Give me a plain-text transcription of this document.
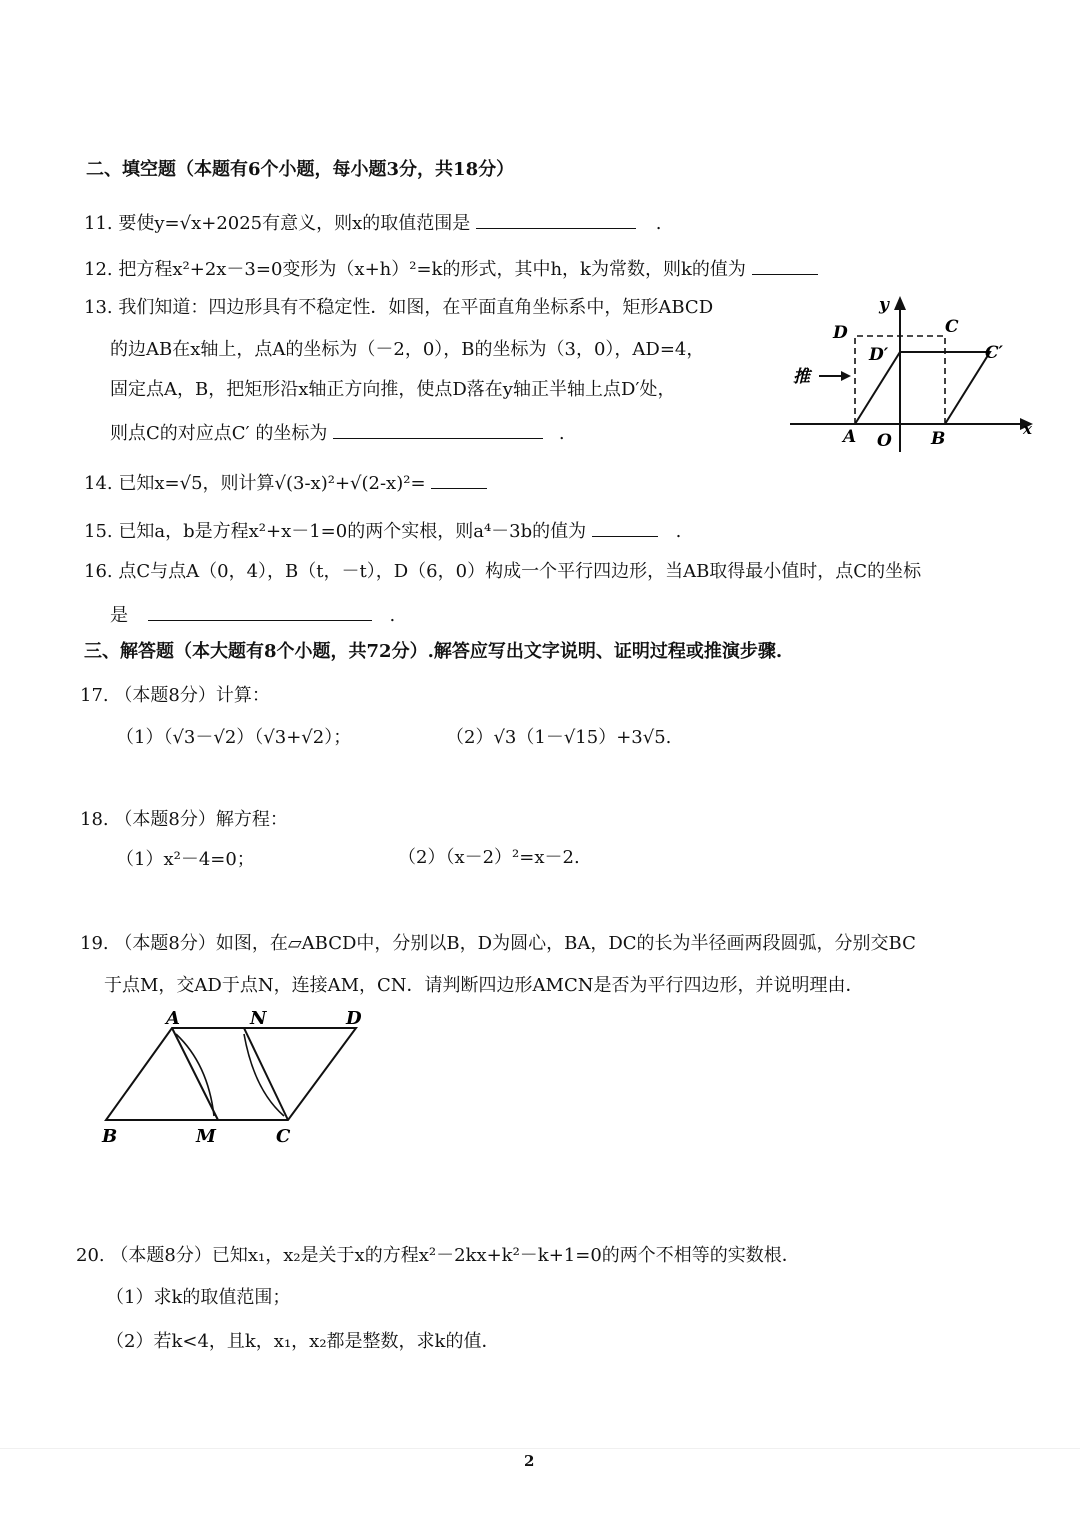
二、填空题（本题有6个小题，每小题3分，共18分）
11. 要使y=√x+2025有意义，则x的取值范围是	.
12. 把方程x²+2x－3=0变形为（x+h）²=k的形式，其中h，k为常数，则k的值为
13. 我们知道：四边形具有不稳定性．如图，在平面直角坐标系中，矩形ABCD
的边AB在x轴上，点A的坐标为（－2，0），B的坐标为（3，0），AD=4，
固定点A，B，把矩形沿x轴正方向推，使点D落在y轴正半轴上点D′处，
则点C的对应点C′ 的坐标为	.
y
D	C
D′	C′
推
A O B	x
14. 已知x=√5，则计算√(3-x)²+√(2-x)²=
15. 已知a，b是方程x²+x－1=0的两个实根，则a⁴－3b的值为	.
16. 点C与点A（0，4），B（t，－t），D（6，0）构成一个平行四边形，当AB取得最小值时，点C的坐标
是	.
三、解答题（本大题有8个小题，共72分）.解答应写出文字说明、证明过程或推演步骤.
17. （本题8分）计算：
（1）（√3－√2）（√3+√2）；	（2）√3（1－√15）+3√5.
18. （本题8分）解方程：
（1）x²－4=0；	（2）（x－2）²=x－2.
19. （本题8分）如图，在▱ABCD中，分别以B，D为圆心，BA，DC的长为半径画两段圆弧，分别交BC
于点M，交AD于点N，连接AM，CN．请判断四边形AMCN是否为平行四边形，并说明理由．
A	N	D
B	M	C
20. （本题8分）已知x₁，x₂是关于x的方程x²－2kx+k²－k+1=0的两个不相等的实数根．
（1）求k的取值范围；
（2）若k<4，且k，x₁，x₂都是整数，求k的值．
2
